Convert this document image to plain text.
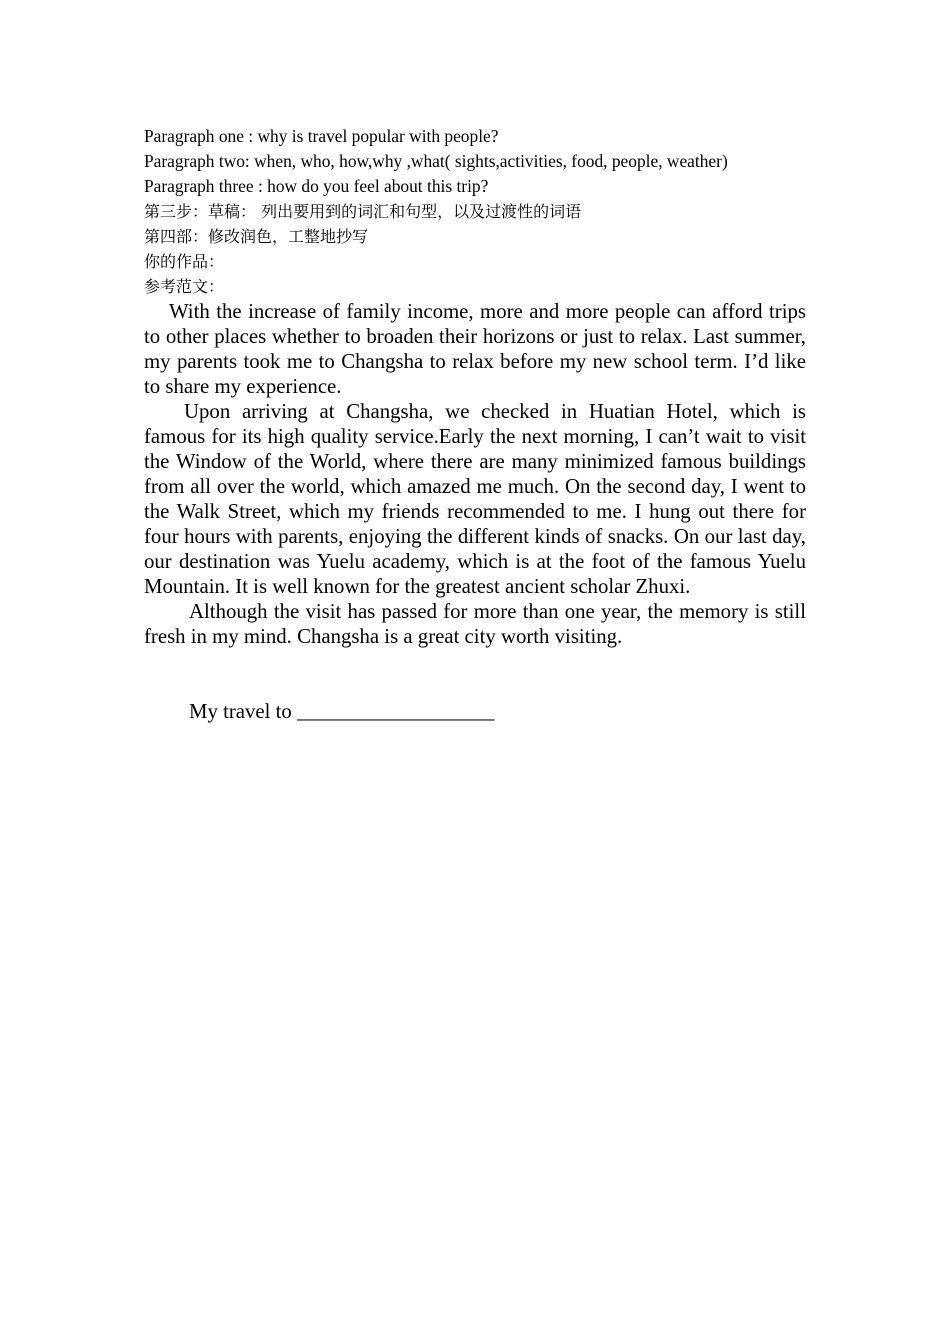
Paragraph one : why is travel popular with people?
Paragraph two: when, who, how,why ,what( sights,activities, food, people, weather)
Paragraph three : how do you feel about this trip?
第三步：草稿： 列出要用到的词汇和句型，以及过渡性的词语
第四部：修改润色，工整地抄写
你的作品：
参考范文：

With the increase of family income, more and more people can afford trips to other places whether to broaden their horizons or just to relax. Last summer, my parents took me to Changsha to relax before my new school term. I’d like to share my experience.

Upon arriving at Changsha, we checked in Huatian Hotel, which is famous for its high quality service.Early the next morning, I can’t wait to visit the Window of the World, where there are many minimized famous buildings from all over the world, which amazed me much. On the second day, I went to the Walk Street, which my friends recommended to me. I hung out there for four hours with parents, enjoying the different kinds of snacks. On our last day, our destination was Yuelu academy, which is at the foot of the famous Yuelu Mountain. It is well known for the greatest ancient scholar Zhuxi.

Although the visit has passed for more than one year, the memory is still fresh in my mind. Changsha is a great city worth visiting.

My travel to ___________________
